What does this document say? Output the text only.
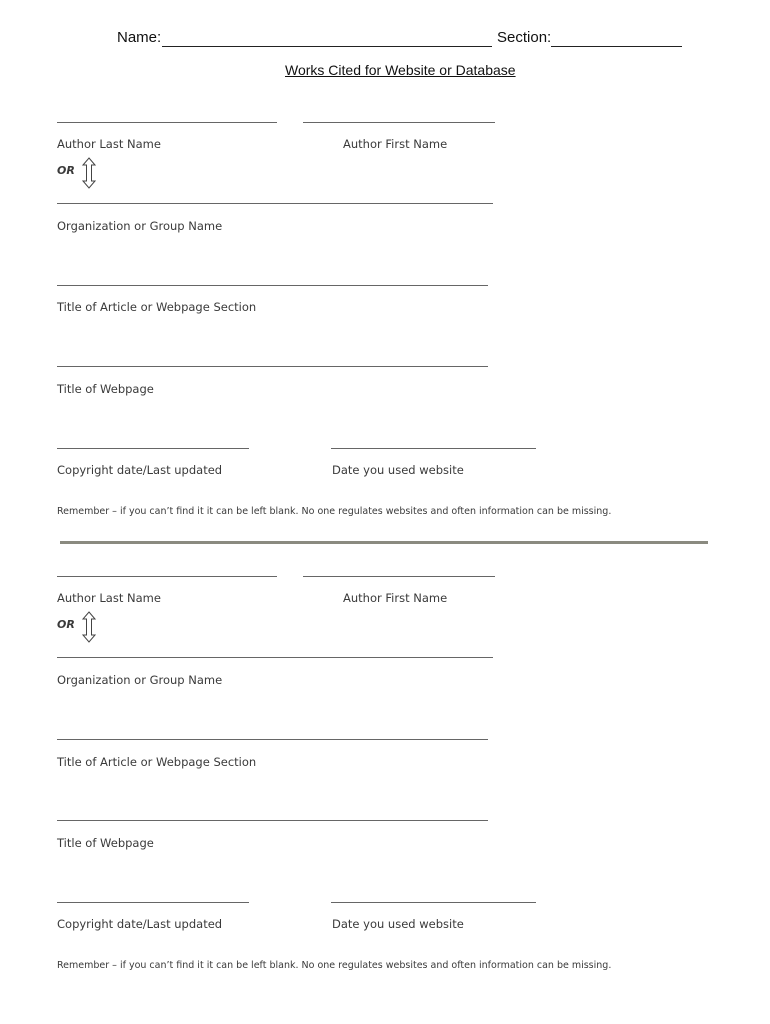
Name:	Section:
Works Cited for Website or Database
Author Last Name	Author First Name
OR
Organization or Group Name
Title of Article or Webpage Section
Title of Webpage
Copyright date/Last updated	Date you used website
Remember – if you can’t find it it can be left blank. No one regulates websites and often information can be missing.
Author Last Name	Author First Name
OR
Organization or Group Name
Title of Article or Webpage Section
Title of Webpage
Copyright date/Last updated	Date you used website
Remember – if you can’t find it it can be left blank. No one regulates websites and often information can be missing.
